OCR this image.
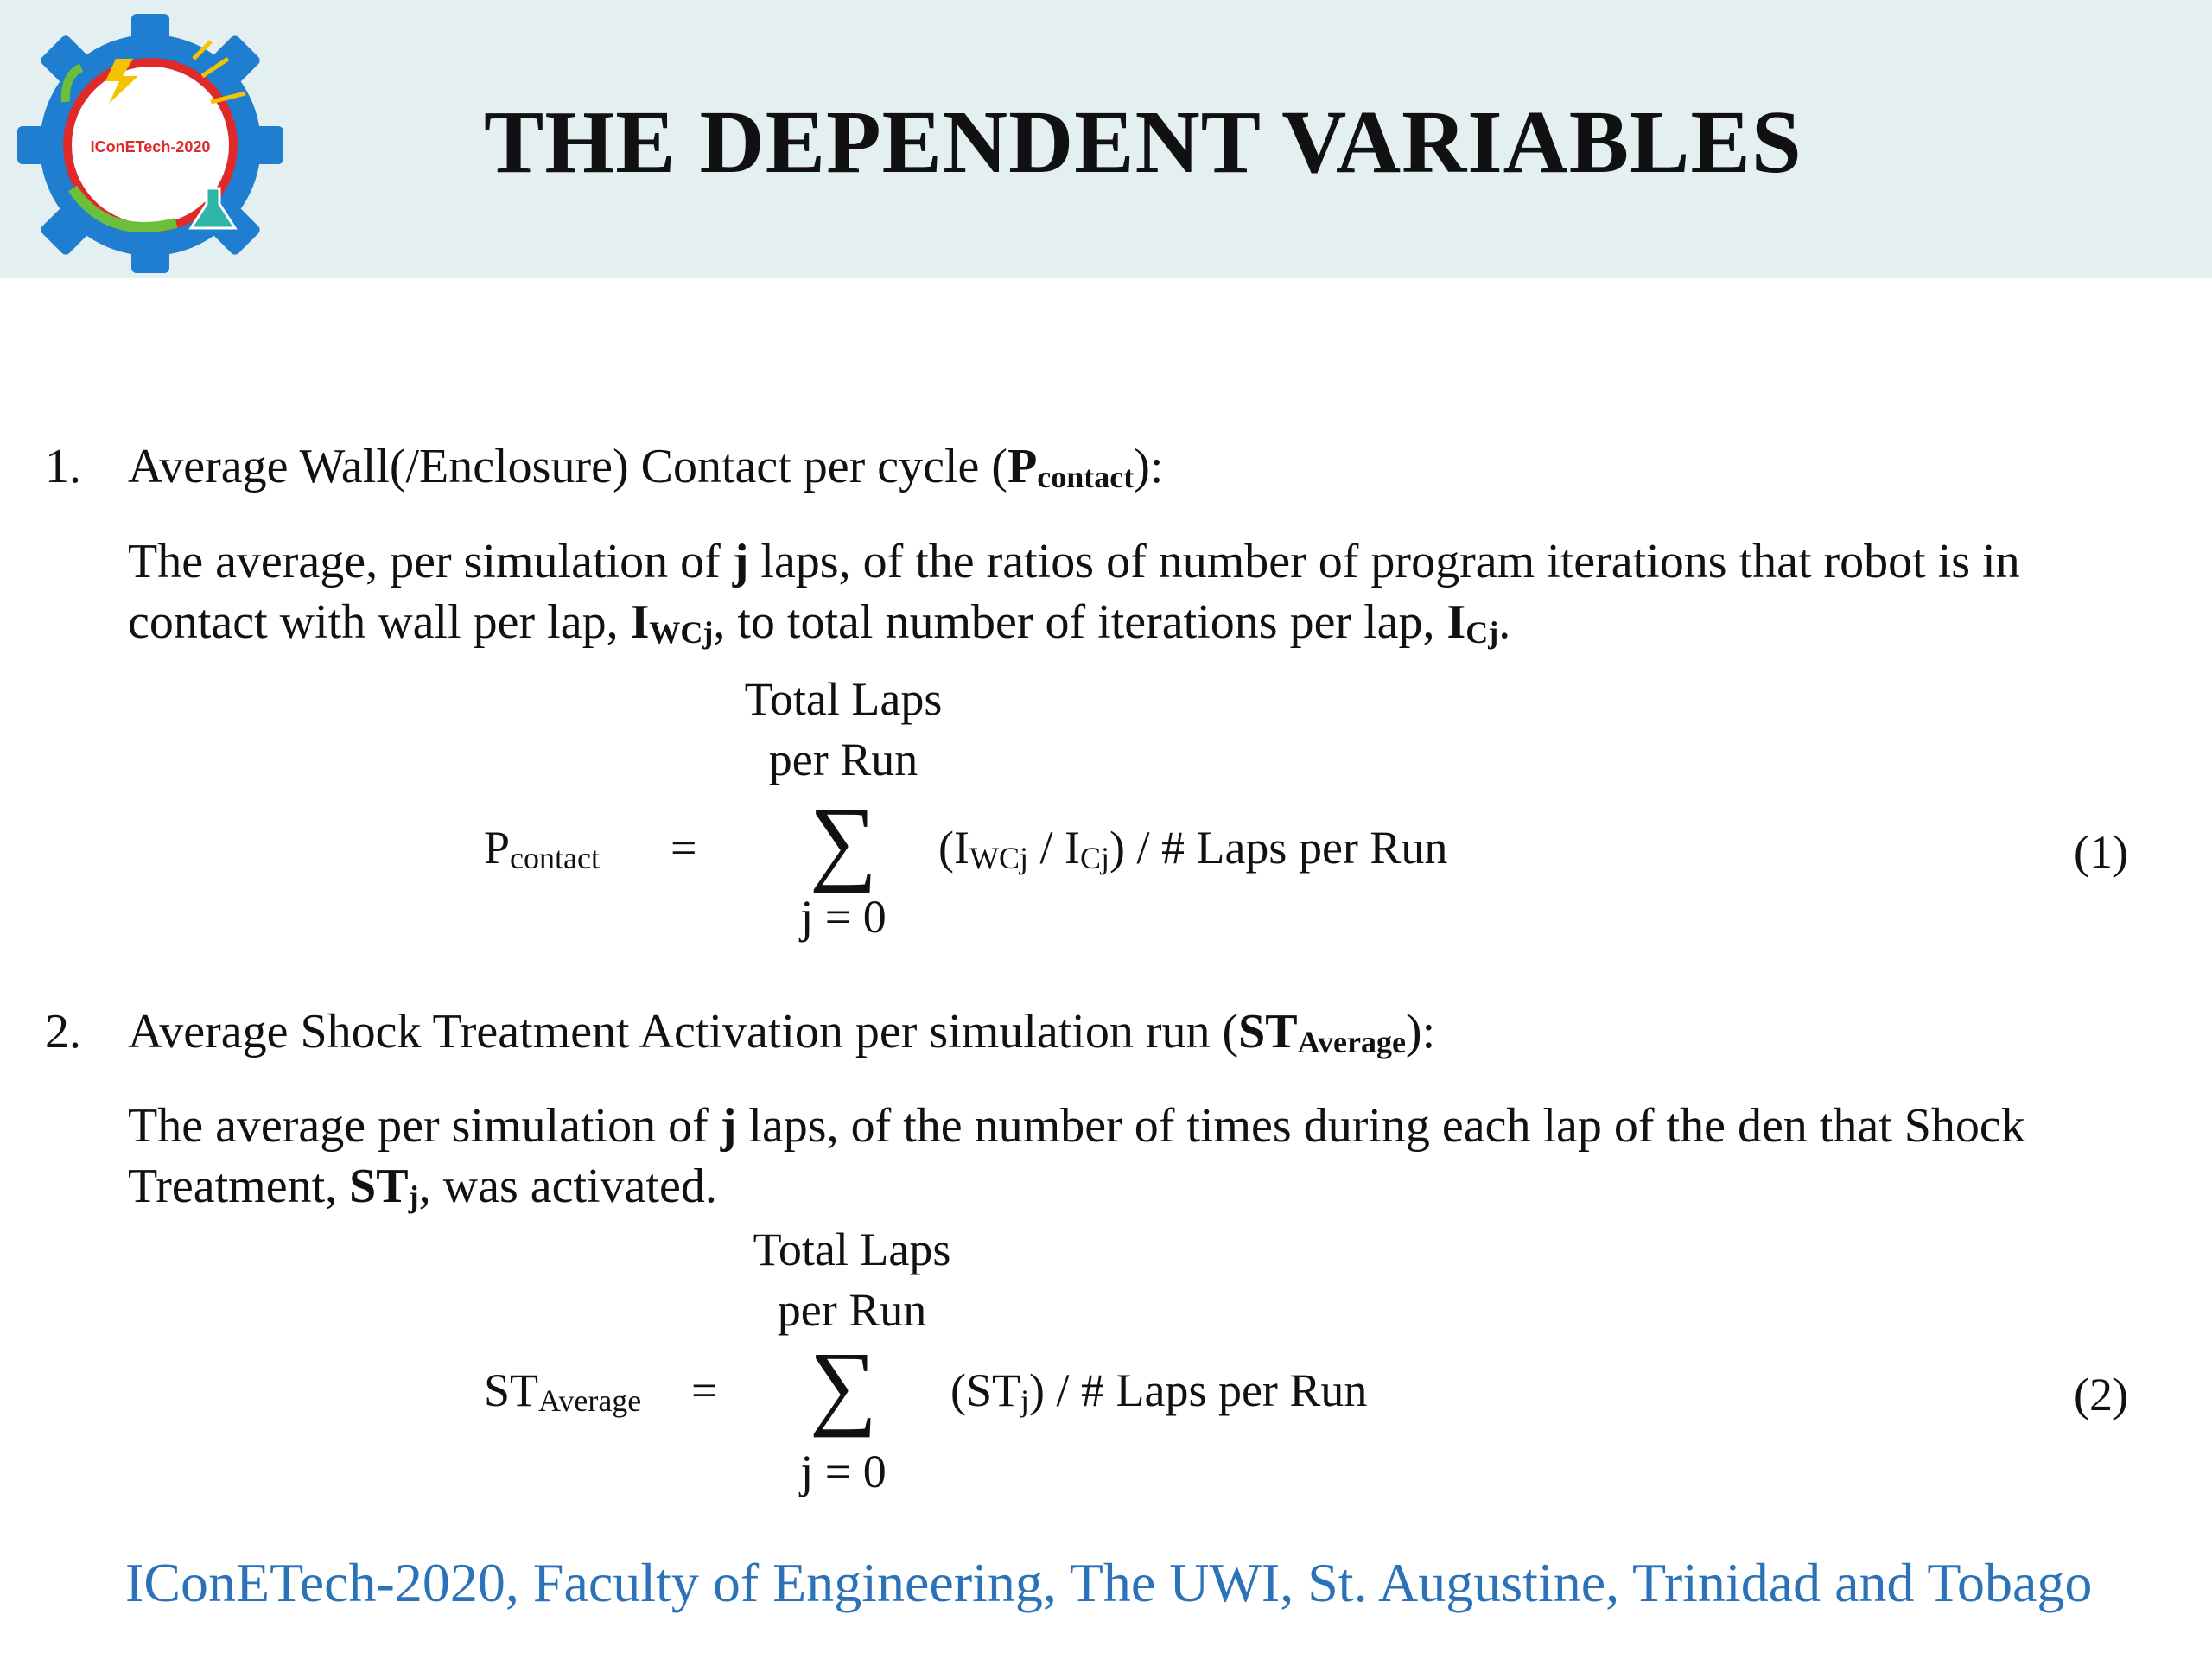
IConETech-2020	THE DEPENDENT VARIABLES
1. Average Wall(/Enclosure) Contact per cycle $(P_{contact})$:
The average, per simulation of j laps, of the ratios of number of program iterations that robot is in
contact with wall per lap, $I_{WCj}$, to total number of iterations per lap, $I_{Cj}$.
$P_{contact}$ =
Total Laps
per Run
∑
j = 0
$(I_{WCj} / I_{Cj})$ / # Laps per Run	(1)
2. Average Shock Treatment Activation per simulation run $(ST_{Average})$:
The average per simulation of j laps, of the number of times during each lap of the den that Shock
Treatment, $ST_j$, was activated.
$ST_{Average}$ =
Total Laps
per Run
∑
j = 0
$(ST_j)$ / # Laps per Run	(2)
IConETech-2020, Faculty of Engineering, The UWI, St. Augustine, Trinidad and Tobago
